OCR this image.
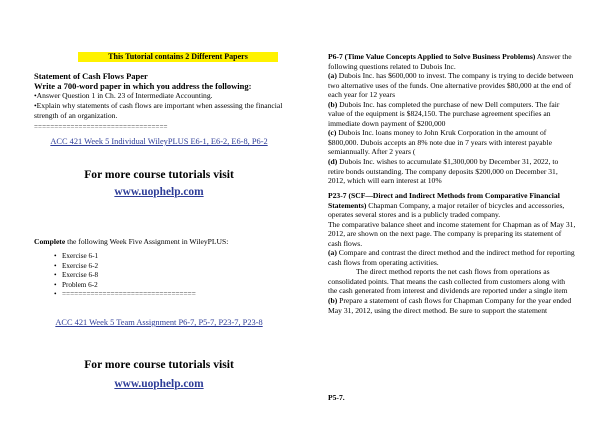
This Tutorial contains 2 Different Papers
Statement of Cash Flows Paper
Write a 700-word paper in which you address the following:
•Answer Question 1 in Ch. 23 of Intermediate Accounting.
•Explain why statements of cash flows are important when assessing the financial strength of an organization.
=================================
ACC 421 Week 5 Individual WileyPLUS E6-1, E6-2, E6-8, P6-2
For more course tutorials visit
www.uophelp.com
Complete the following Week Five Assignment in WileyPLUS:
• Exercise 6-1
• Exercise 6-2
• Exercise 6-8
• Problem 6-2
• =================================
ACC 421 Week 5 Team Assignment P6-7, P5-7, P23-7, P23-8
For more course tutorials visit
www.uophelp.com
P6-7 (Time Value Concepts Applied to Solve Business Problems) Answer the following questions related to Dubois Inc.
(a) Dubois Inc. has $600,000 to invest. The company is trying to decide between two alternative uses of the funds. One alternative provides $80,000 at the end of each year for 12 years
(b) Dubois Inc. has completed the purchase of new Dell computers. The fair value of the equipment is $824,150. The purchase agreement specifies an immediate down payment of $200,000
(c) Dubois Inc. loans money to John Kruk Corporation in the amount of $800,000. Dubois accepts an 8% note due in 7 years with interest payable semiannually. After 2 years (
(d) Dubois Inc. wishes to accumulate $1,300,000 by December 31, 2022, to retire bonds outstanding. The company deposits $200,000 on December 31, 2012, which will earn interest at 10%
P23-7 (SCF—Direct and Indirect Methods from Comparative Financial Statements) Chapman Company, a major retailer of bicycles and accessories, operates several stores and is a publicly traded company.
The comparative balance sheet and income statement for Chapman as of May 31, 2012, are shown on the next page. The company is preparing its statement of cash flows.
(a) Compare and contrast the direct method and the indirect method for reporting cash flows from operating activities.
The direct method reports the net cash flows from operations as consolidated points. That means the cash collected from customers along with the cash generated from interest and dividends are reported under a single item
(b) Prepare a statement of cash flows for Chapman Company for the year ended May 31, 2012, using the direct method. Be sure to support the statement
P5-7.
